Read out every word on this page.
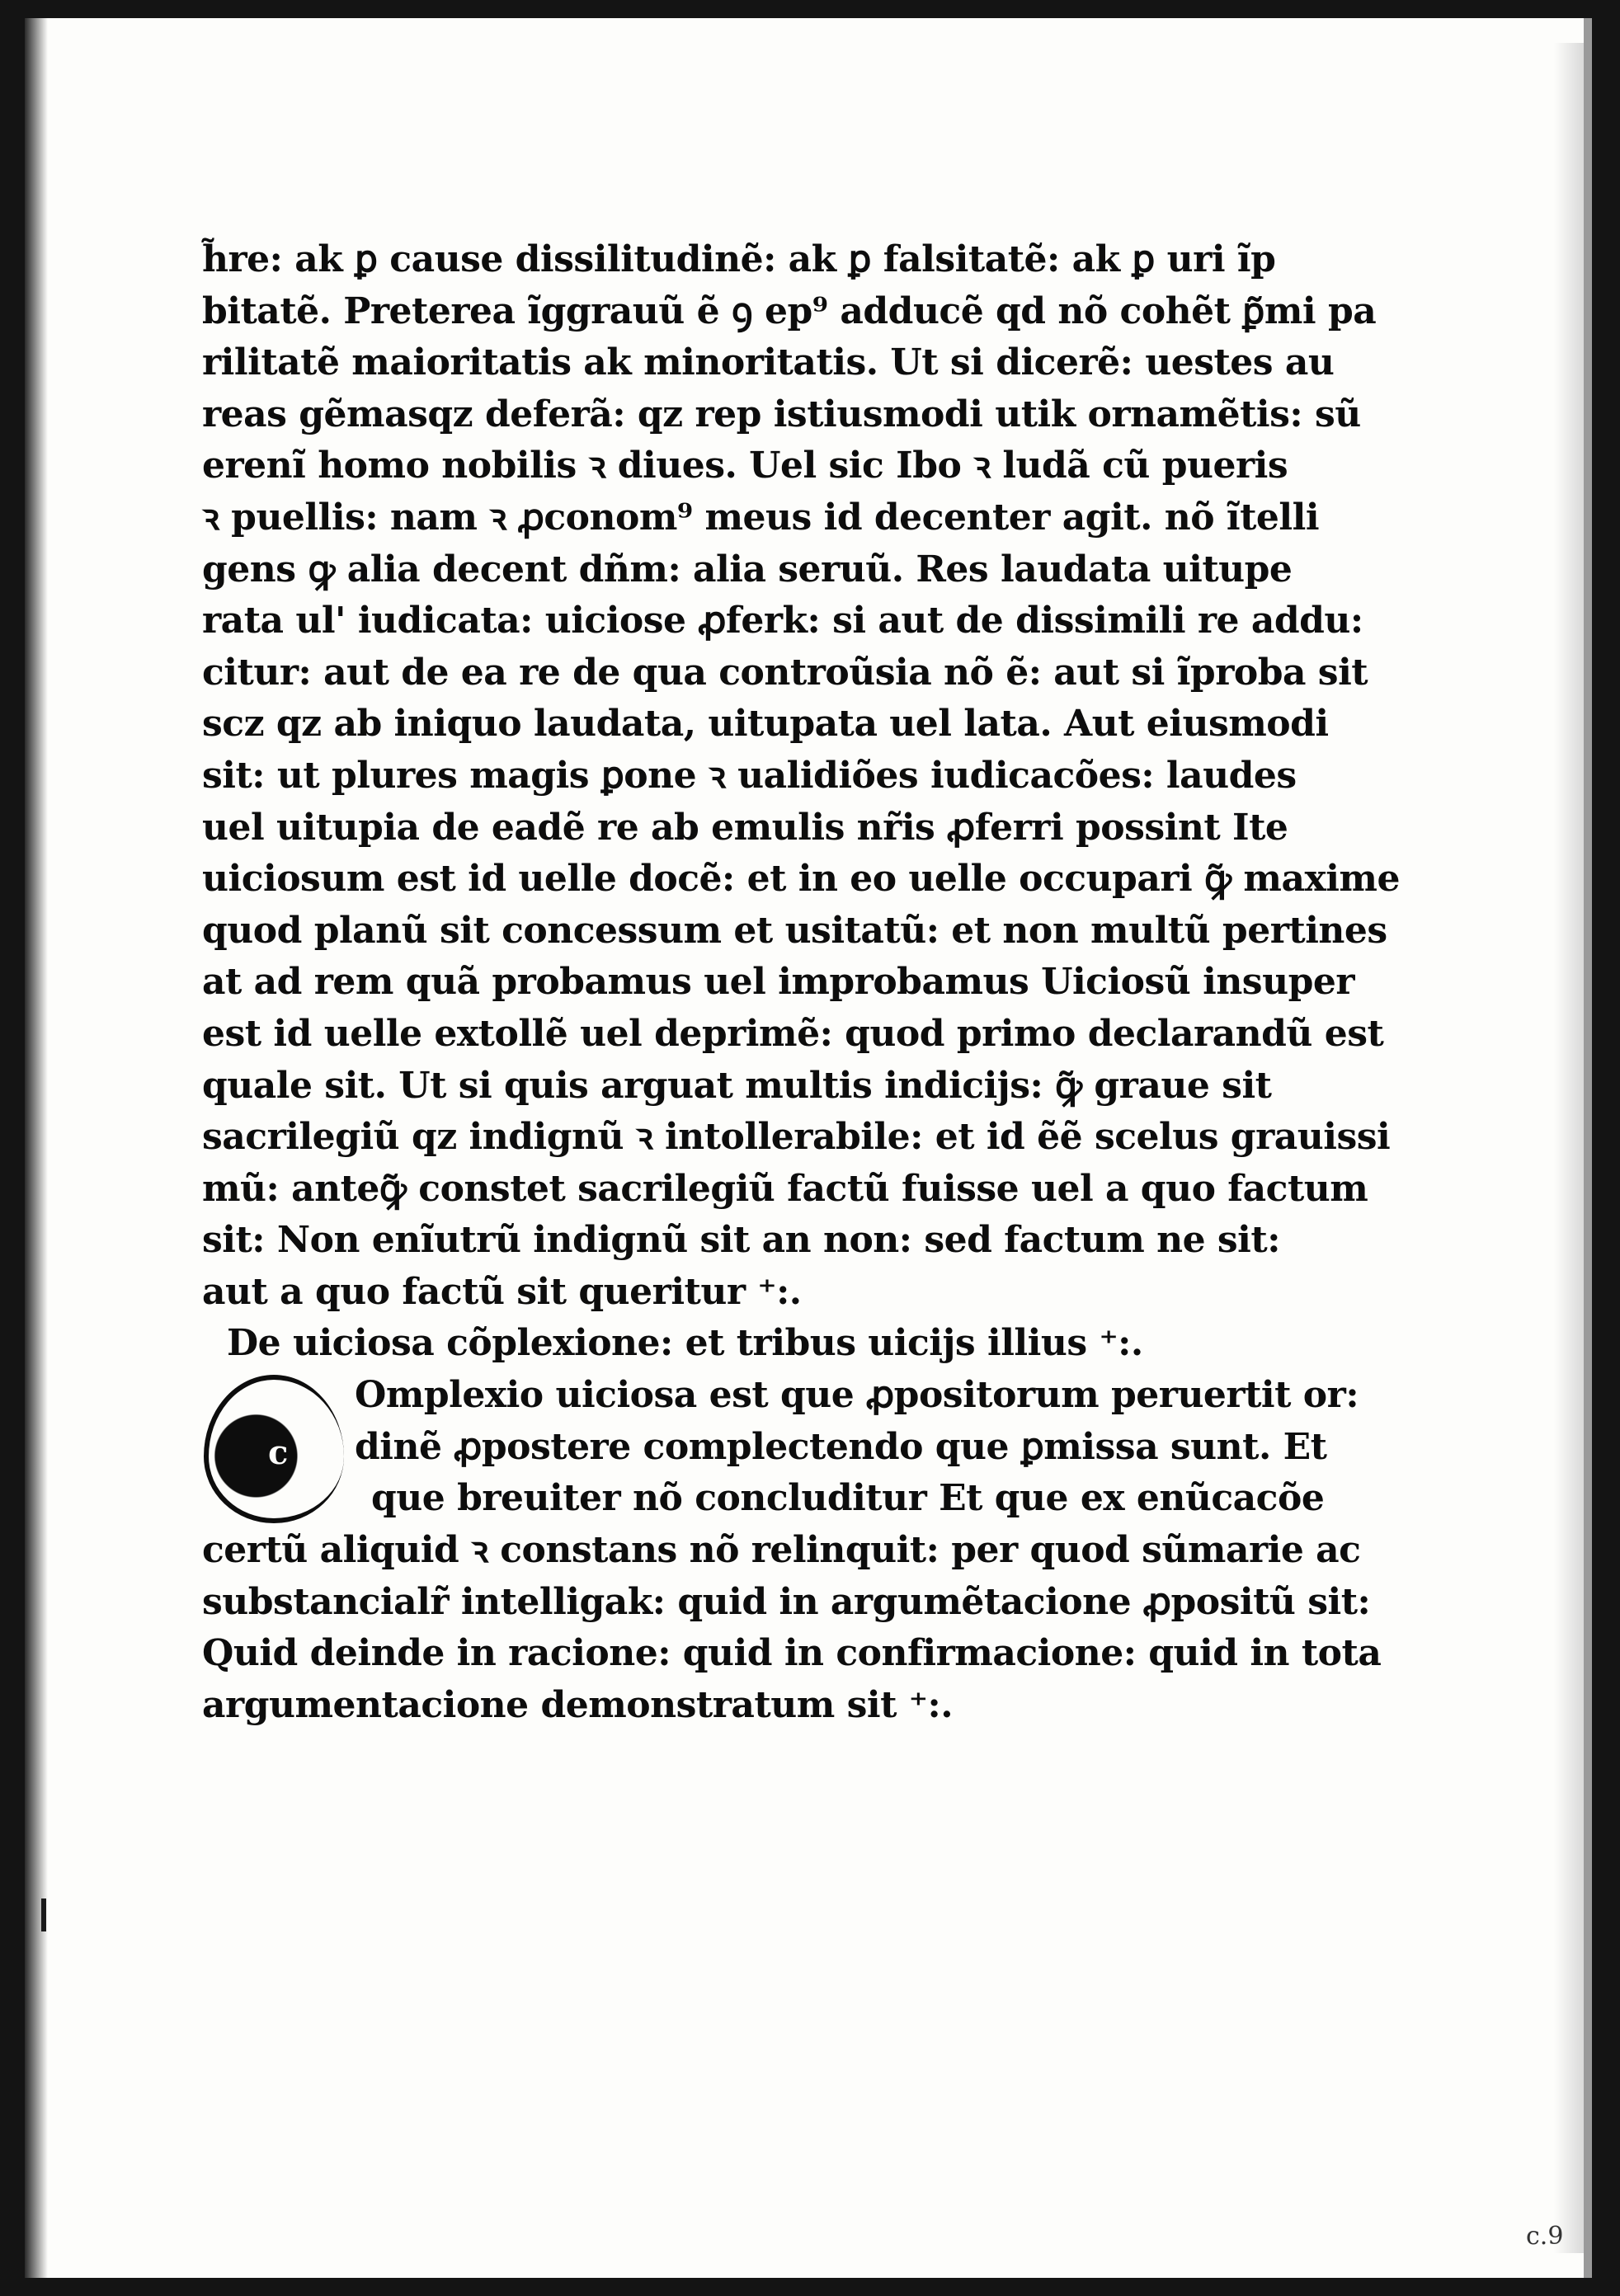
h̃re: ak ꝑ cause dissilitudinẽ: ak ꝑ falsitatẽ: ak ꝑ uri ĩp
bitatẽ. Preterea ĩggrauũ ẽ ꝯ ep⁹ adducẽ qd nõ cohẽt ꝑ̃mi pa
rilitatẽ maioritatis ak minoritatis. Ut si dicerẽ: uestes au
reas gẽmasqz deferã: qz rep istiusmodi utik ornamẽtis: sũ
erenĩ homo nobilis ꝛ diues. Uel sic Ibo ꝛ ludã cũ pueris
ꝛ puellis: nam ꝛ ꝓconom⁹ meus id decenter agit. nõ ĩtelli
gens ꝙ alia decent dñm: alia seruũ. Res laudata uitupe
rata ul' iudicata: uiciose ꝓferk: si aut de dissimili re addu:
citur: aut de ea re de qua controũsia nõ ẽ: aut si ĩproba sit
scz qz ab iniquo laudata, uitupata uel lata. Aut eiusmodi
sit: ut plures magis ꝑone ꝛ ualidiões iudicacões: laudes
uel uitupia de eadẽ re ab emulis nr̃is ꝓferri possint Ite
uiciosum est id uelle docẽ: et in eo uelle occupari ꝙ̃ maxime
quod planũ sit concessum et usitatũ: et non multũ pertines
at ad rem quã probamus uel improbamus Uiciosũ insuper
est id uelle extollẽ uel deprimẽ: quod primo declarandũ est
quale sit. Ut si quis arguat multis indicijs: ꝙ̃ graue sit
sacrilegiũ qz indignũ ꝛ intollerabile: et id ẽẽ scelus grauissi
mũ: anteꝙ̃ constet sacrilegiũ factũ fuisse uel a quo factum
sit: Non enĩutrũ indignũ sit an non: sed factum ne sit:
aut a quo factũ sit queritur ⁺:.
De uiciosa cõplexione: et tribus uicijs illius ⁺:.
c
Omplexio uiciosa est que ꝓpositorum peruertit or:
dinẽ ꝓpostere complectendo que ꝑmissa sunt. Et
que breuiter nõ concluditur Et que ex enũcacõe
certũ aliquid ꝛ constans nõ relinquit: per quod sũmarie ac
substancialr̃ intelligak: quid in argumẽtacione ꝓpositũ sit:
Quid deinde in racione: quid in confirmacione: quid in tota
argumentacione demonstratum sit ⁺:.
c.9
